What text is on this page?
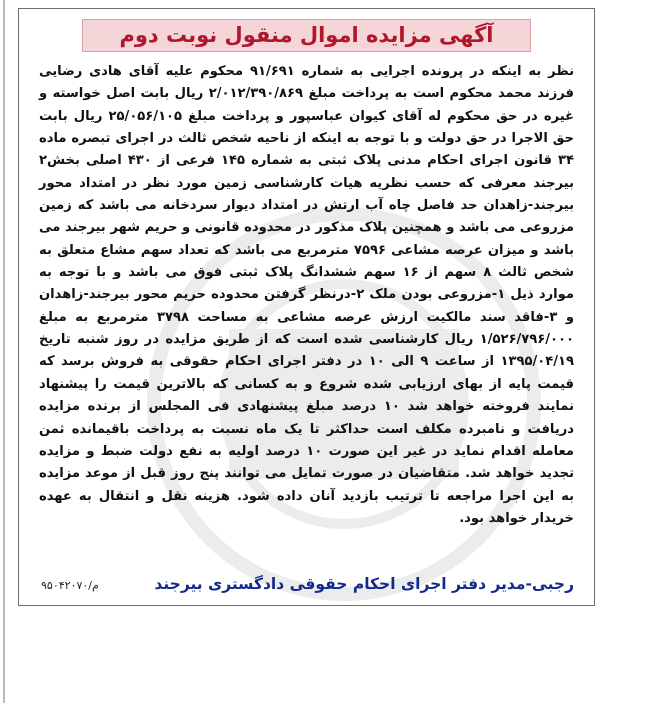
آگهی مزایده اموال منقول نوبت دوم
نظر به اینکه در پرونده اجرایی به شماره ۹۱/۶۹۱ محکوم علیه آقای هادی رضایی فرزند محمد محکوم است به پرداخت مبلغ ۲/۰۱۲/۳۹۰/۸۶۹ ریال بابت اصل خواسته و غیره در حق محکوم له آقای کیوان عباسپور و پرداخت مبلغ ۲۵/۰۵۶/۱۰۵ ریال بابت حق الاجرا در حق دولت و با توجه به اینکه از ناحیه شخص ثالث در اجرای تبصره ماده ۳۴ قانون اجرای احکام مدنی پلاک ثبتی به شماره ۱۴۵ فرعی از ۴۳۰ اصلی بخش۲ بیرجند معرفی که حسب نظریه هیات کارشناسی زمین مورد نظر در امتداد محور بیرجند-زاهدان حد فاصل چاه آب ارتش در امتداد دیوار سردخانه می باشد که زمین مزروعی می باشد و همچنین پلاک مذکور در محدوده قانونی و حریم شهر بیرجند می باشد و میزان عرصه مشاعی ۷۵۹۶ مترمربع می باشد که تعداد سهم مشاع متعلق به شخص ثالث ۸ سهم از ۱۶ سهم ششدانگ پلاک ثبتی فوق می باشد و با توجه به موارد ذیل ۱-مزروعی بودن ملک ۲-درنظر گرفتن محدوده حریم محور بیرجند-زاهدان و ۳-فاقد سند مالکیت ارزش عرصه مشاعی به مساحت ۳۷۹۸ مترمربع به مبلغ ۱/۵۲۶/۷۹۶/۰۰۰ ریال کارشناسی شده است که از طریق مزایده در روز شنبه تاریخ ۱۳۹۵/۰۴/۱۹ از ساعت ۹ الی ۱۰ در دفتر اجرای احکام حقوقی به فروش برسد که قیمت پایه از بهای ارزیابی شده شروع و به کسانی که بالاترین قیمت را پیشنهاد نمایند فروخته خواهد شد ۱۰ درصد مبلغ پیشنهادی فی المجلس از برنده مزایده دریافت و نامبرده مکلف است حداکثر تا یک ماه نسبت به پرداخت باقیمانده ثمن معامله اقدام نماید در غیر این صورت ۱۰ درصد اولیه به نفع دولت ضبط و مزایده تجدید خواهد شد. متقاضیان در صورت تمایل می توانند پنج روز قبل از موعد مزایده به این اجرا مراجعه تا ترتیب بازدید آنان داده شود. هزینه نقل و انتقال به عهده خریدار خواهد بود.
رجبی-مدیر دفتر اجرای احکام حقوقی دادگستری بیرجند
م/۹۵۰۴۲۰۷۰
